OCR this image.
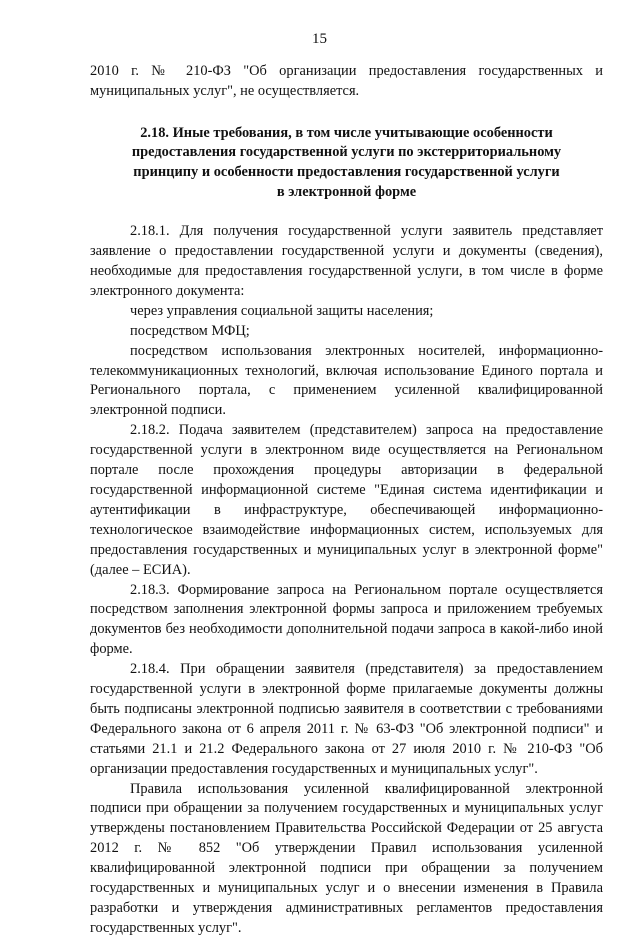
15

2010 г. № 210-ФЗ "Об организации предоставления государственных и муниципальных услуг", не осуществляется.

2.18. Иные требования, в том числе учитывающие особенности предоставления государственной услуги по экстерриториальному принципу и особенности предоставления государственной услуги в электронной форме

2.18.1. Для получения государственной услуги заявитель представляет заявление о предоставлении государственной услуги и документы (сведения), необходимые для предоставления государственной услуги, в том числе в форме электронного документа:

через управления социальной защиты населения;

посредством МФЦ;

посредством использования электронных носителей, информационно-телекоммуникационных технологий, включая использование Единого портала и Регионального портала, с применением усиленной квалифицированной электронной подписи.

2.18.2. Подача заявителем (представителем) запроса на предоставление государственной услуги в электронном виде осуществляется на Региональном портале после прохождения процедуры авторизации в федеральной государственной информационной системе "Единая система идентификации и аутентификации в инфраструктуре, обеспечивающей информационно-технологическое взаимодействие информационных систем, используемых для предоставления государственных и муниципальных услуг в электронной форме" (далее – ЕСИА).

2.18.3. Формирование запроса на Региональном портале осуществляется посредством заполнения электронной формы запроса и приложением требуемых документов без необходимости дополнительной подачи запроса в какой-либо иной форме.

2.18.4. При обращении заявителя (представителя) за предоставлением государственной услуги в электронной форме прилагаемые документы должны быть подписаны электронной подписью заявителя в соответствии с требованиями Федерального закона от 6 апреля 2011 г. № 63-ФЗ "Об электронной подписи" и статьями 21.1 и 21.2 Федерального закона от 27 июля 2010 г. № 210-ФЗ "Об организации предоставления государственных и муниципальных услуг".

Правила использования усиленной квалифицированной электронной подписи при обращении за получением государственных и муниципальных услуг утверждены постановлением Правительства Российской Федерации от 25 августа 2012 г. № 852 "Об утверждении Правил использования усиленной квалифицированной электронной подписи при обращении за получением государственных и муниципальных услуг и о внесении изменения в Правила разработки и утверждения административных регламентов предоставления государственных услуг".
